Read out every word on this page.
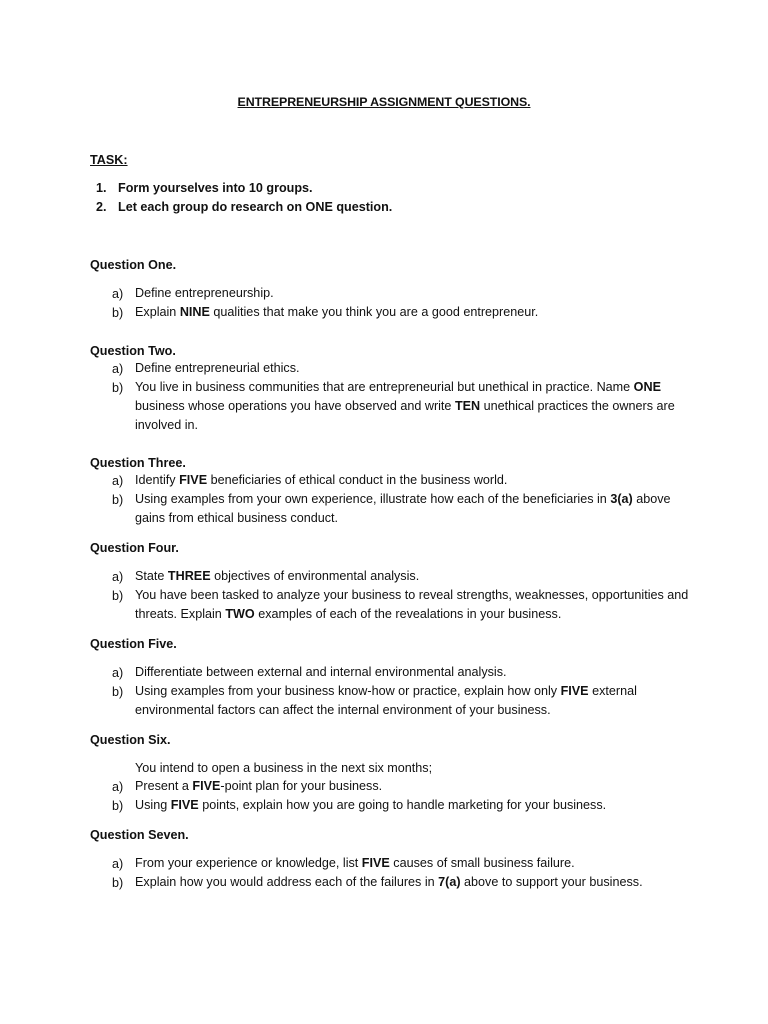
ENTREPRENEURSHIP ASSIGNMENT QUESTIONS.
TASK:
1. Form yourselves into 10 groups.
2. Let each group do research on ONE question.
Question One.
a) Define entrepreneurship.
b) Explain NINE qualities that make you think you are a good entrepreneur.
Question Two.
a) Define entrepreneurial ethics.
b) You live in business communities that are entrepreneurial but unethical in practice. Name ONE business whose operations you have observed and write TEN unethical practices the owners are involved in.
Question Three.
a) Identify FIVE beneficiaries of ethical conduct in the business world.
b) Using examples from your own experience, illustrate how each of the beneficiaries in 3(a) above gains from ethical business conduct.
Question Four.
a) State THREE objectives of environmental analysis.
b) You have been tasked to analyze your business to reveal strengths, weaknesses, opportunities and threats. Explain TWO examples of each of the revealations in your business.
Question Five.
a) Differentiate between external and internal environmental analysis.
b) Using examples from your business know-how or practice, explain how only FIVE external environmental factors can affect the internal environment of your business.
Question Six.
You intend to open a business in the next six months;
a) Present a FIVE-point plan for your business.
b) Using FIVE points, explain how you are going to handle marketing for your business.
Question Seven.
a) From your experience or knowledge, list FIVE causes of small business failure.
b) Explain how you would address each of the failures in 7(a) above to support your business.
